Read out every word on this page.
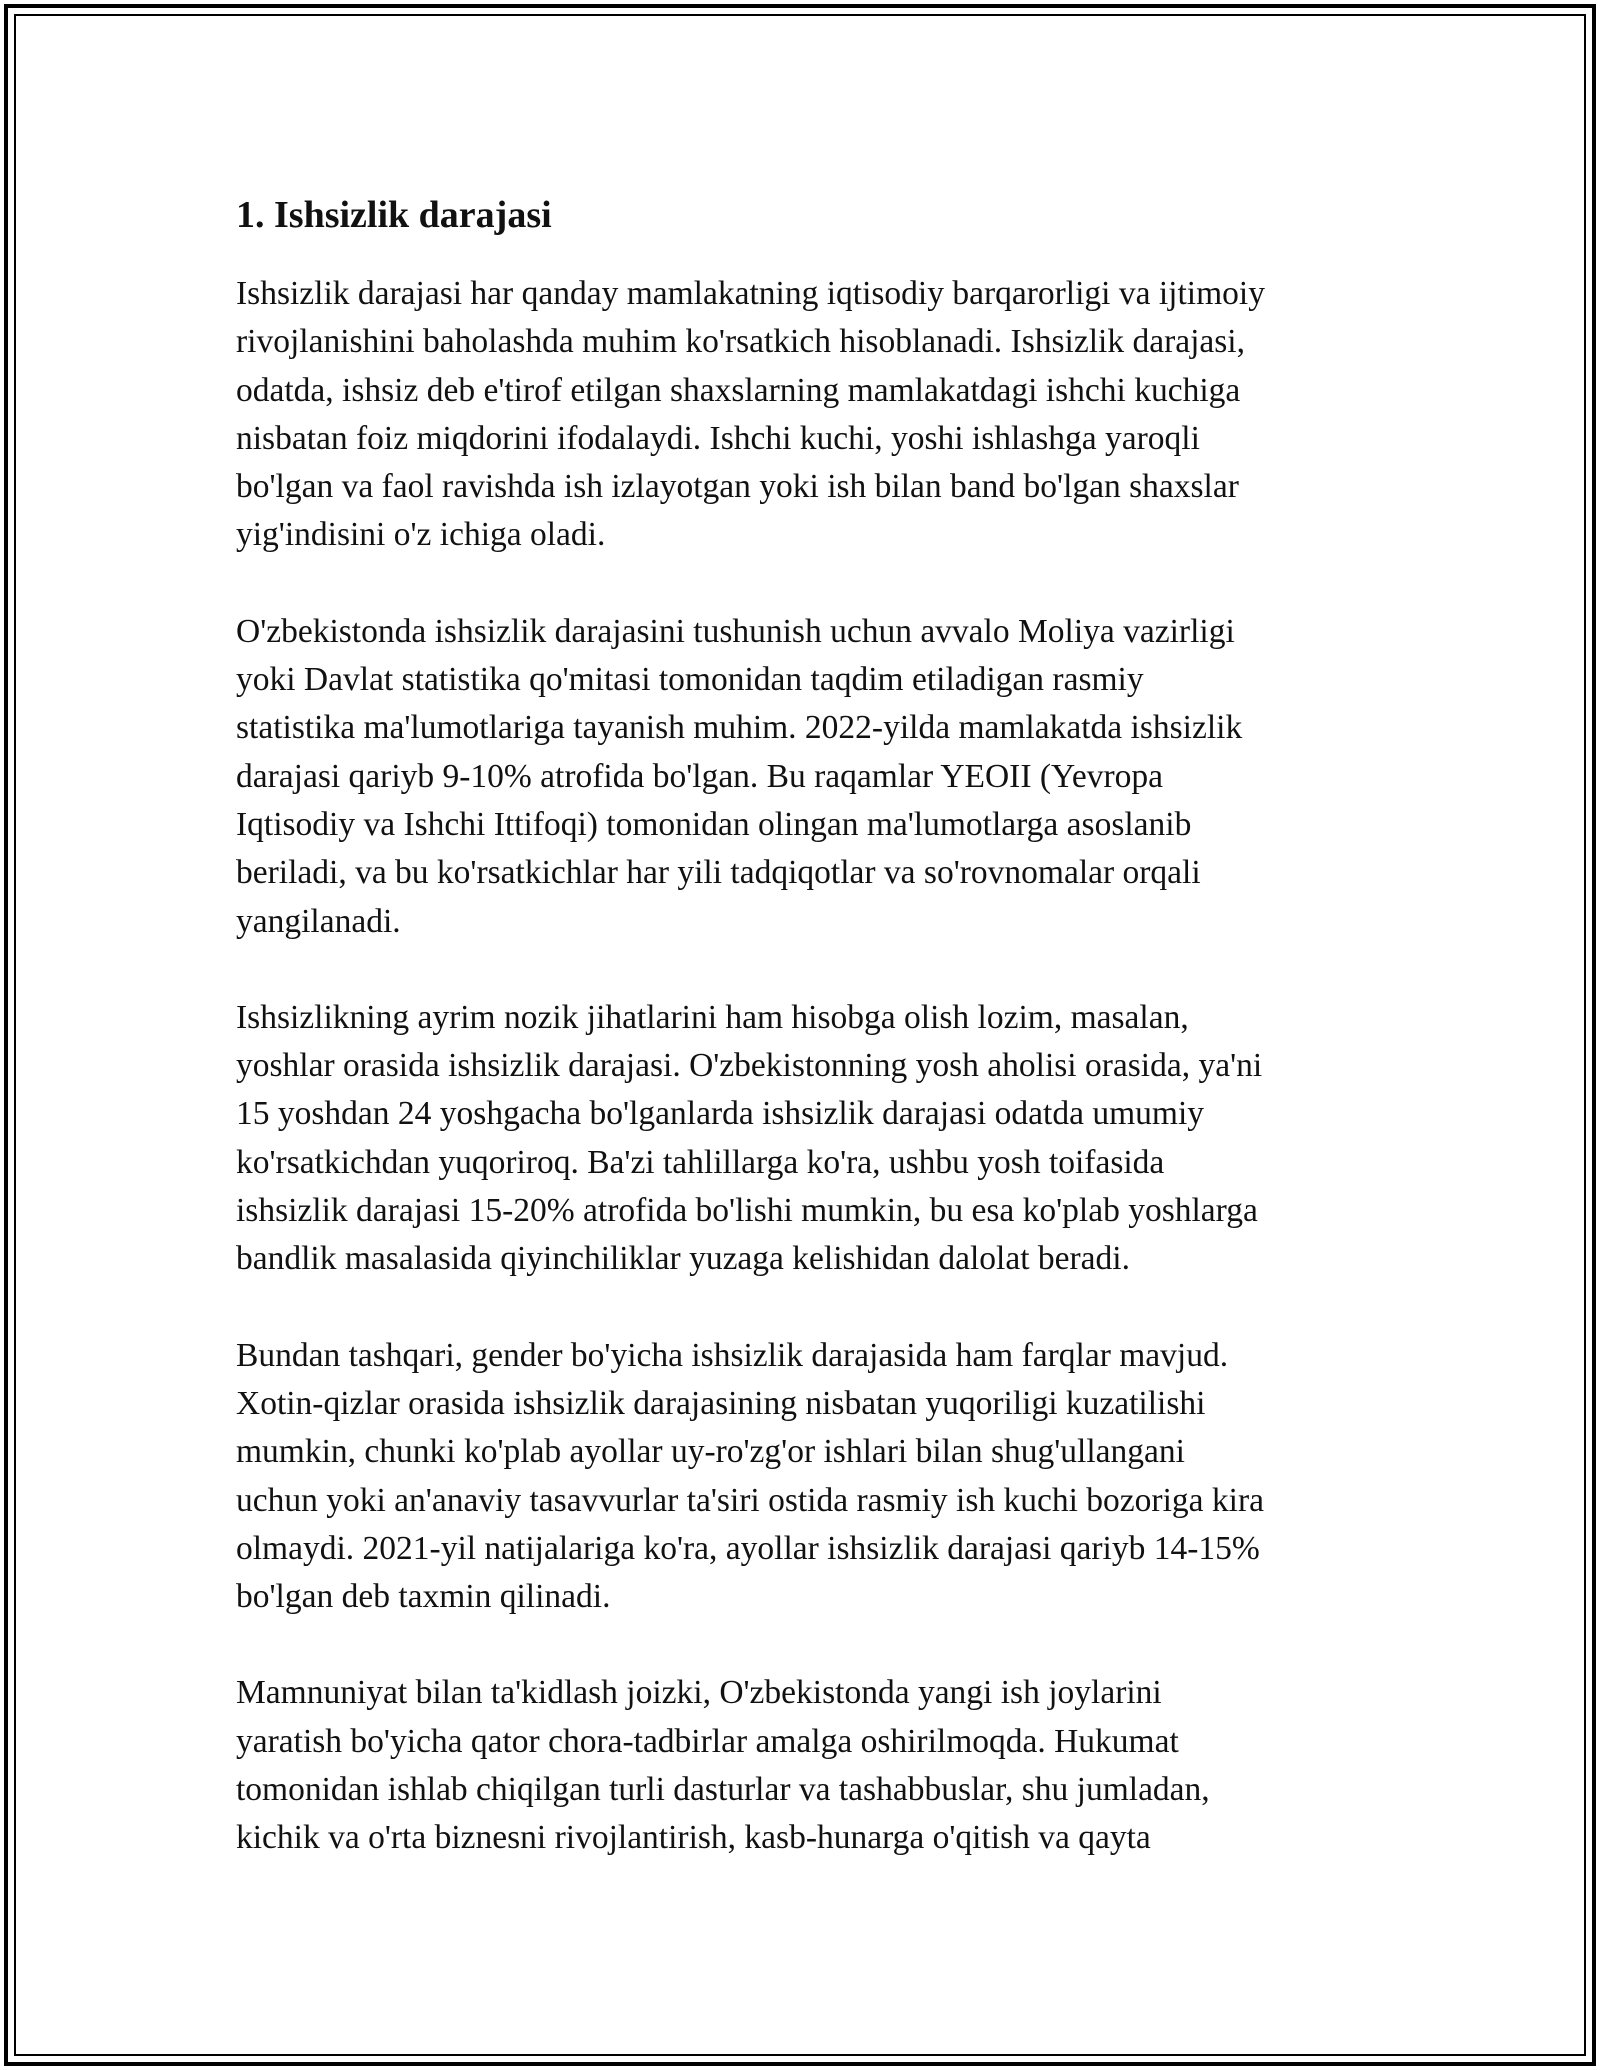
1. Ishsizlik darajasi

Ishsizlik darajasi har qanday mamlakatning iqtisodiy barqarorligi va ijtimoiy
rivojlanishini baholashda muhim ko'rsatkich hisoblanadi. Ishsizlik darajasi,
odatda, ishsiz deb e'tirof etilgan shaxslarning mamlakatdagi ishchi kuchiga
nisbatan foiz miqdorini ifodalaydi. Ishchi kuchi, yoshi ishlashga yaroqli
bo'lgan va faol ravishda ish izlayotgan yoki ish bilan band bo'lgan shaxslar
yig'indisini o'z ichiga oladi.

O'zbekistonda ishsizlik darajasini tushunish uchun avvalo Moliya vazirligi
yoki Davlat statistika qo'mitasi tomonidan taqdim etiladigan rasmiy
statistika ma'lumotlariga tayanish muhim. 2022-yilda mamlakatda ishsizlik
darajasi qariyb 9-10% atrofida bo'lgan. Bu raqamlar YEOII (Yevropa
Iqtisodiy va Ishchi Ittifoqi) tomonidan olingan ma'lumotlarga asoslanib
beriladi, va bu ko'rsatkichlar har yili tadqiqotlar va so'rovnomalar orqali
yangilanadi.

Ishsizlikning ayrim nozik jihatlarini ham hisobga olish lozim, masalan,
yoshlar orasida ishsizlik darajasi. O'zbekistonning yosh aholisi orasida, ya'ni
15 yoshdan 24 yoshgacha bo'lganlarda ishsizlik darajasi odatda umumiy
ko'rsatkichdan yuqoriroq. Ba'zi tahlillarga ko'ra, ushbu yosh toifasida
ishsizlik darajasi 15-20% atrofida bo'lishi mumkin, bu esa ko'plab yoshlarga
bandlik masalasida qiyinchiliklar yuzaga kelishidan dalolat beradi.

Bundan tashqari, gender bo'yicha ishsizlik darajasida ham farqlar mavjud.
Xotin-qizlar orasida ishsizlik darajasining nisbatan yuqoriligi kuzatilishi
mumkin, chunki ko'plab ayollar uy-ro'zg'or ishlari bilan shug'ullangani
uchun yoki an'anaviy tasavvurlar ta'siri ostida rasmiy ish kuchi bozoriga kira
olmaydi. 2021-yil natijalariga ko'ra, ayollar ishsizlik darajasi qariyb 14-15%
bo'lgan deb taxmin qilinadi.

Mamnuniyat bilan ta'kidlash joizki, O'zbekistonda yangi ish joylarini
yaratish bo'yicha qator chora-tadbirlar amalga oshirilmoqda. Hukumat
tomonidan ishlab chiqilgan turli dasturlar va tashabbuslar, shu jumladan,
kichik va o'rta biznesni rivojlantirish, kasb-hunarga o'qitish va qayta
